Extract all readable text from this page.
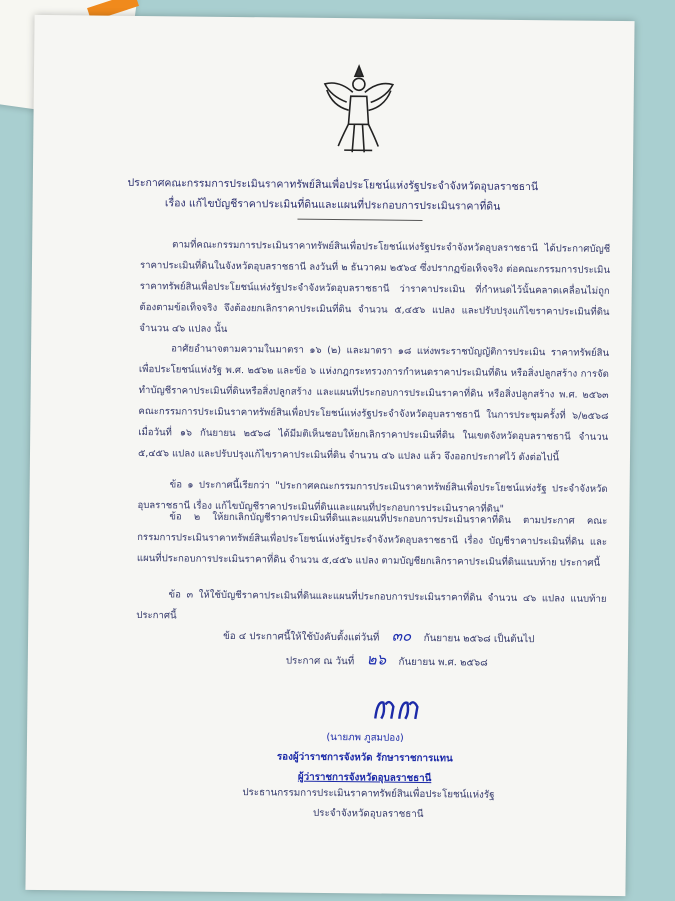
ประกาศคณะกรรมการประเมินราคาทรัพย์สินเพื่อประโยชน์แห่งรัฐประจำจังหวัดอุบลราชธานี
เรื่อง แก้ไขบัญชีราคาประเมินที่ดินและแผนที่ประกอบการประเมินราคาที่ดิน
ตามที่คณะกรรมการประเมินราคาทรัพย์สินเพื่อประโยชน์แห่งรัฐประจำจังหวัดอุบลราชธานี ได้ประกาศบัญชีราคาประเมินที่ดินในจังหวัดอุบลราชธานี ลงวันที่ ๒ ธันวาคม ๒๕๖๔ ซึ่งปรากฏข้อเท็จจริง ต่อคณะกรรมการประเมินราคาทรัพย์สินเพื่อประโยชน์แห่งรัฐประจำจังหวัดอุบลราชธานี ว่าราคาประเมิน ที่กำหนดไว้นั้นคลาดเคลื่อนไม่ถูกต้องตามข้อเท็จจริง จึงต้องยกเลิกราคาประเมินที่ดิน จำนวน ๕,๔๕๖ แปลง และปรับปรุงแก้ไขราคาประเมินที่ดิน จำนวน ๔๖ แปลง นั้น
อาศัยอำนาจตามความในมาตรา ๑๖ (๒) และมาตรา ๑๘ แห่งพระราชบัญญัติการประเมิน ราคาทรัพย์สินเพื่อประโยชน์แห่งรัฐ พ.ศ. ๒๕๖๒ และข้อ ๖ แห่งกฎกระทรวงการกำหนดราคาประเมินที่ดิน หรือสิ่งปลูกสร้าง การจัดทำบัญชีราคาประเมินที่ดินหรือสิ่งปลูกสร้าง และแผนที่ประกอบการประเมินราคาที่ดิน หรือสิ่งปลูกสร้าง พ.ศ. ๒๕๖๓ คณะกรรมการประเมินราคาทรัพย์สินเพื่อประโยชน์แห่งรัฐประจำจังหวัดอุบลราชธานี ในการประชุมครั้งที่ ๖/๒๕๖๘ เมื่อวันที่ ๑๖ กันยายน ๒๕๖๘ ได้มีมติเห็นชอบให้ยกเลิกราคาประเมินที่ดิน ในเขตจังหวัดอุบลราชธานี จำนวน ๕,๔๕๖ แปลง และปรับปรุงแก้ไขราคาประเมินที่ดิน จำนวน ๔๖ แปลง แล้ว จึงออกประกาศไว้ ดังต่อไปนี้
ข้อ ๑ ประกาศนี้เรียกว่า "ประกาศคณะกรรมการประเมินราคาทรัพย์สินเพื่อประโยชน์แห่งรัฐ ประจำจังหวัดอุบลราชธานี เรื่อง แก้ไขบัญชีราคาประเมินที่ดินและแผนที่ประกอบการประเมินราคาที่ดิน"
ข้อ ๒ ให้ยกเลิกบัญชีราคาประเมินที่ดินและแผนที่ประกอบการประเมินราคาที่ดิน ตามประกาศ คณะกรรมการประเมินราคาทรัพย์สินเพื่อประโยชน์แห่งรัฐประจำจังหวัดอุบลราชธานี เรื่อง บัญชีราคาประเมินที่ดิน และแผนที่ประกอบการประเมินราคาที่ดิน จำนวน ๕,๔๕๖ แปลง ตามบัญชียกเลิกราคาประเมินที่ดินแนบท้าย ประกาศนี้
ข้อ ๓ ให้ใช้บัญชีราคาประเมินที่ดินและแผนที่ประกอบการประเมินราคาที่ดิน จำนวน ๔๖ แปลง แนบท้ายประกาศนี้
ข้อ ๔ ประกาศนี้ให้ใช้บังคับตั้งแต่วันที่ ๓๐ กันยายน ๒๕๖๘ เป็นต้นไป
ประกาศ ณ วันที่ ๒๖ กันยายน พ.ศ. ๒๕๖๘
(นายภพ ภูสมปอง)
รองผู้ว่าราชการจังหวัด รักษาราชการแทน
ผู้ว่าราชการจังหวัดอุบลราชธานี
ประธานกรรมการประเมินราคาทรัพย์สินเพื่อประโยชน์แห่งรัฐ
ประจำจังหวัดอุบลราชธานี
